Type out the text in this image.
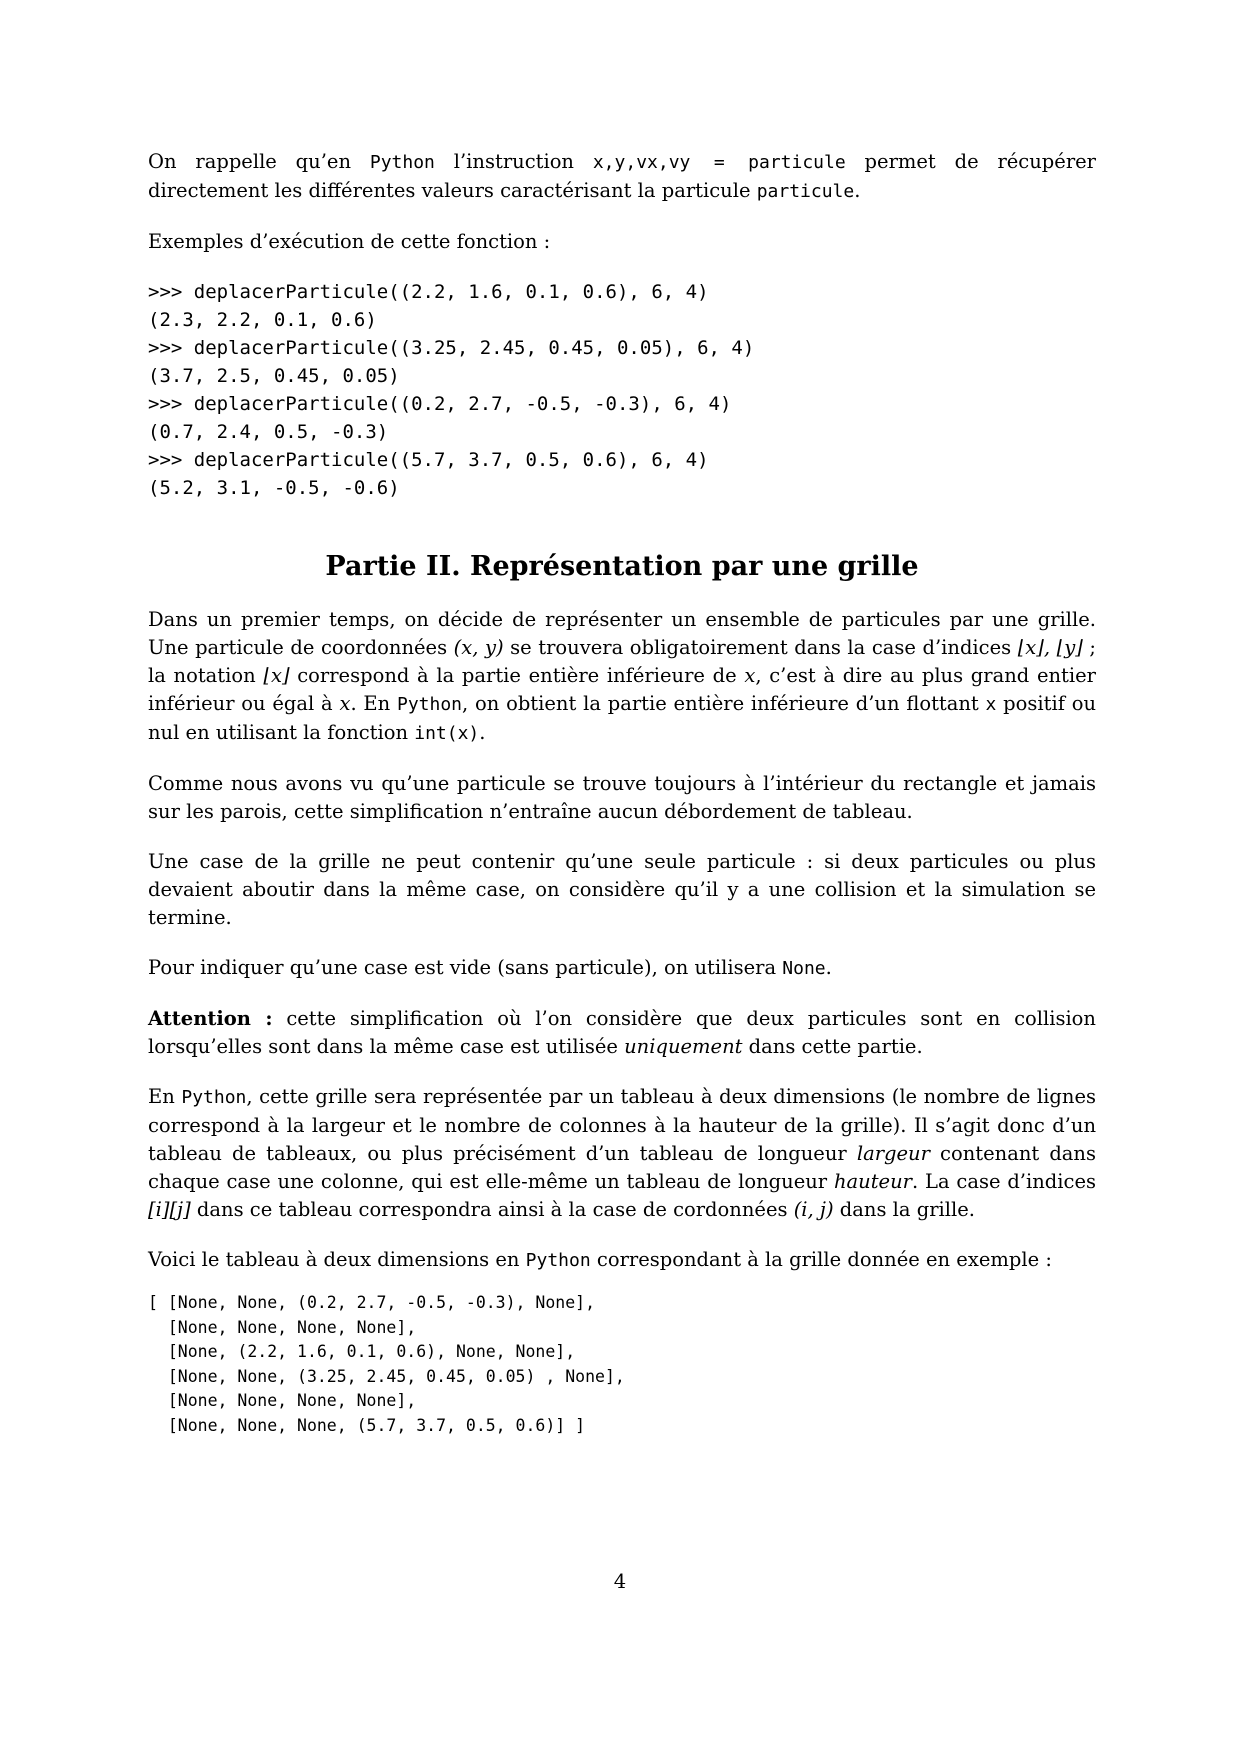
On rappelle qu’en Python l’instruction x,y,vx,vy = particule permet de récupérer directement les différentes valeurs caractérisant la particule particule.

Exemples d’exécution de cette fonction :

>>> deplacerParticule((2.2, 1.6, 0.1, 0.6), 6, 4)
(2.3, 2.2, 0.1, 0.6)
>>> deplacerParticule((3.25, 2.45, 0.45, 0.05), 6, 4)
(3.7, 2.5, 0.45, 0.05)
>>> deplacerParticule((0.2, 2.7, -0.5, -0.3), 6, 4)
(0.7, 2.4, 0.5, -0.3)
>>> deplacerParticule((5.7, 3.7, 0.5, 0.6), 6, 4)
(5.2, 3.1, -0.5, -0.6)
Partie II. Représentation par une grille

Dans un premier temps, on décide de représenter un ensemble de particules par une grille. Une particule de coordonnées (x, y) se trouvera obligatoirement dans la case d’indices ⌊x⌋, ⌊y⌋ ; la notation ⌊x⌋ correspond à la partie entière inférieure de x, c’est à dire au plus grand entier inférieur ou égal à x. En Python, on obtient la partie entière inférieure d’un flottant x positif ou nul en utilisant la fonction int(x).

Comme nous avons vu qu’une particule se trouve toujours à l’intérieur du rectangle et jamais sur les parois, cette simplification n’entraîne aucun débordement de tableau.

Une case de la grille ne peut contenir qu’une seule particule : si deux particules ou plus devaient aboutir dans la même case, on considère qu’il y a une collision et la simulation se termine.

Pour indiquer qu’une case est vide (sans particule), on utilisera None.

Attention : cette simplification où l’on considère que deux particules sont en collision lorsqu’elles sont dans la même case est utilisée uniquement dans cette partie.

En Python, cette grille sera représentée par un tableau à deux dimensions (le nombre de lignes correspond à la largeur et le nombre de colonnes à la hauteur de la grille). Il s’agit donc d’un tableau de tableaux, ou plus précisément d’un tableau de longueur largeur contenant dans chaque case une colonne, qui est elle-même un tableau de longueur hauteur. La case d’indices [i][j] dans ce tableau correspondra ainsi à la case de cordonnées (i, j) dans la grille.

Voici le tableau à deux dimensions en Python correspondant à la grille donnée en exemple :

[ [None, None, (0.2, 2.7, -0.5, -0.3), None],
[None, None, None, None],
[None, (2.2, 1.6, 0.1, 0.6), None, None],
[None, None, (3.25, 2.45, 0.45, 0.05) , None],
[None, None, None, None],
[None, None, None, (5.7, 3.7, 0.5, 0.6)] ]
4
